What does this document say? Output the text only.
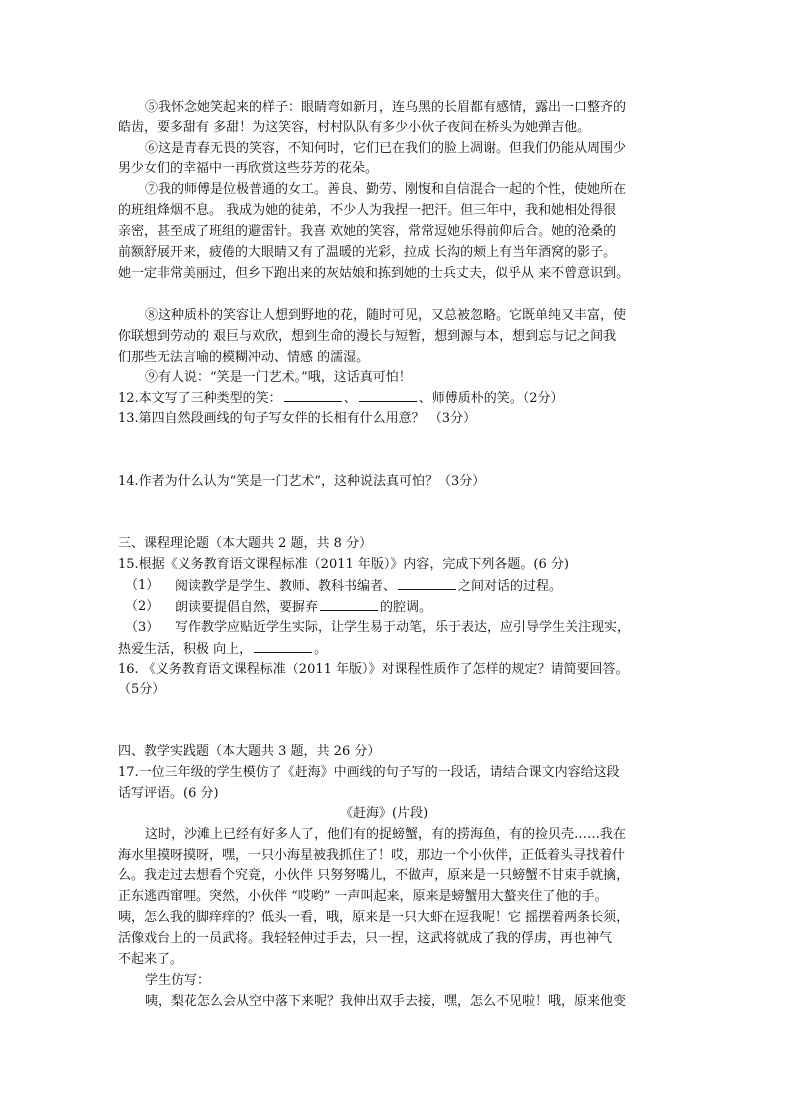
⑤我怀念她笑起来的样子：眼睛弯如新月，连乌黑的长眉都有感情，露出一口整齐的
皓齿，要多甜有 多甜！为这笑容，村村队队有多少小伙子夜间在桥头为她弹吉他。
⑥这是青春无畏的笑容，不知何时，它们已在我们的脸上凋谢。但我们仍能从周围少
男少女们的幸福中一再欣赏这些芬芳的花朵。
⑦我的师傅是位极普通的女工。善良、勤劳、刚愎和自信混合一起的个性，使她所在
的班组烽烟不息。 我成为她的徒弟，不少人为我捏一把汗。但三年中，我和她相处得很
亲密，甚至成了班组的避雷针。我喜 欢她的笑容，常常逗她乐得前仰后合。她的沧桑的
前额舒展开来，疲倦的大眼睛又有了温暖的光彩，拉成 长沟的颊上有当年酒窝的影子。
她一定非常美丽过，但乡下跑出来的灰姑娘和拣到她的士兵丈夫，似乎从 来不曾意识到。
⑧这种质朴的笑容让人想到野地的花，随时可见，又总被忽略。它既单纯又丰富，使
你联想到劳动的 艰巨与欢欣，想到生命的漫长与短暂，想到源与本，想到忘与记之间我
们那些无法言喻的模糊冲动、情感 的濡湿。
⑨有人说：“笑是一门艺术。”哦，这话真可怕！
12.本文写了三种类型的笑：	、	、师傅质朴的笑。（2分）
13.第四自然段画线的句子写女伴的长相有什么用意？ （3分）
14.作者为什么认为“笑是一门艺术”，这种说法真可怕？（3分）
三、课程理论题（本大题共 2 题，共 8 分）
15.根据《义务教育语文课程标准（2011 年版）》内容，完成下列各题。(6 分)
（1） 阅读教学是学生、教师、教科书编者、	之间对话的过程。
（2） 朗读要提倡自然，要摒弃	的腔调。
（3） 写作教学应贴近学生实际，让学生易于动笔，乐于表达，应引导学生关注现实，
热爱生活，积极 向上，	。
16. 《义务教育语文课程标准（2011 年版）》对课程性质作了怎样的规定？请简要回答。
（5分）
四、教学实践题（本大题共 3 题，共 26 分）
17.一位三年级的学生模仿了《赶海》中画线的句子写的一段话，请结合课文内容给这段
话写评语。(6 分)
《赶海》(片段)
这时，沙滩上已经有好多人了，他们有的捉螃蟹，有的捞海鱼，有的捡贝壳……我在
海水里摸呀摸呀，嘿，一只小海星被我抓住了！哎，那边一个小伙伴，正低着头寻找着什
么。我走过去想看个究竟，小伙伴 只努努嘴儿，不做声，原来是一只螃蟹不甘束手就擒，
正东逃西窜哩。突然，小伙伴 “哎哟” 一声叫起来，原来是螃蟹用大螯夹住了他的手。
咦，怎么我的脚痒痒的？低头一看，哦，原来是一只大虾在逗我呢！它 摇摆着两条长须，
活像戏台上的一员武将。我轻轻伸过手去，只一捏，这武将就成了我的俘虏，再也神气
不起来了。
学生仿写：
咦，梨花怎么会从空中落下来呢？我伸出双手去接，嘿，怎么不见啦！哦，原来他变
